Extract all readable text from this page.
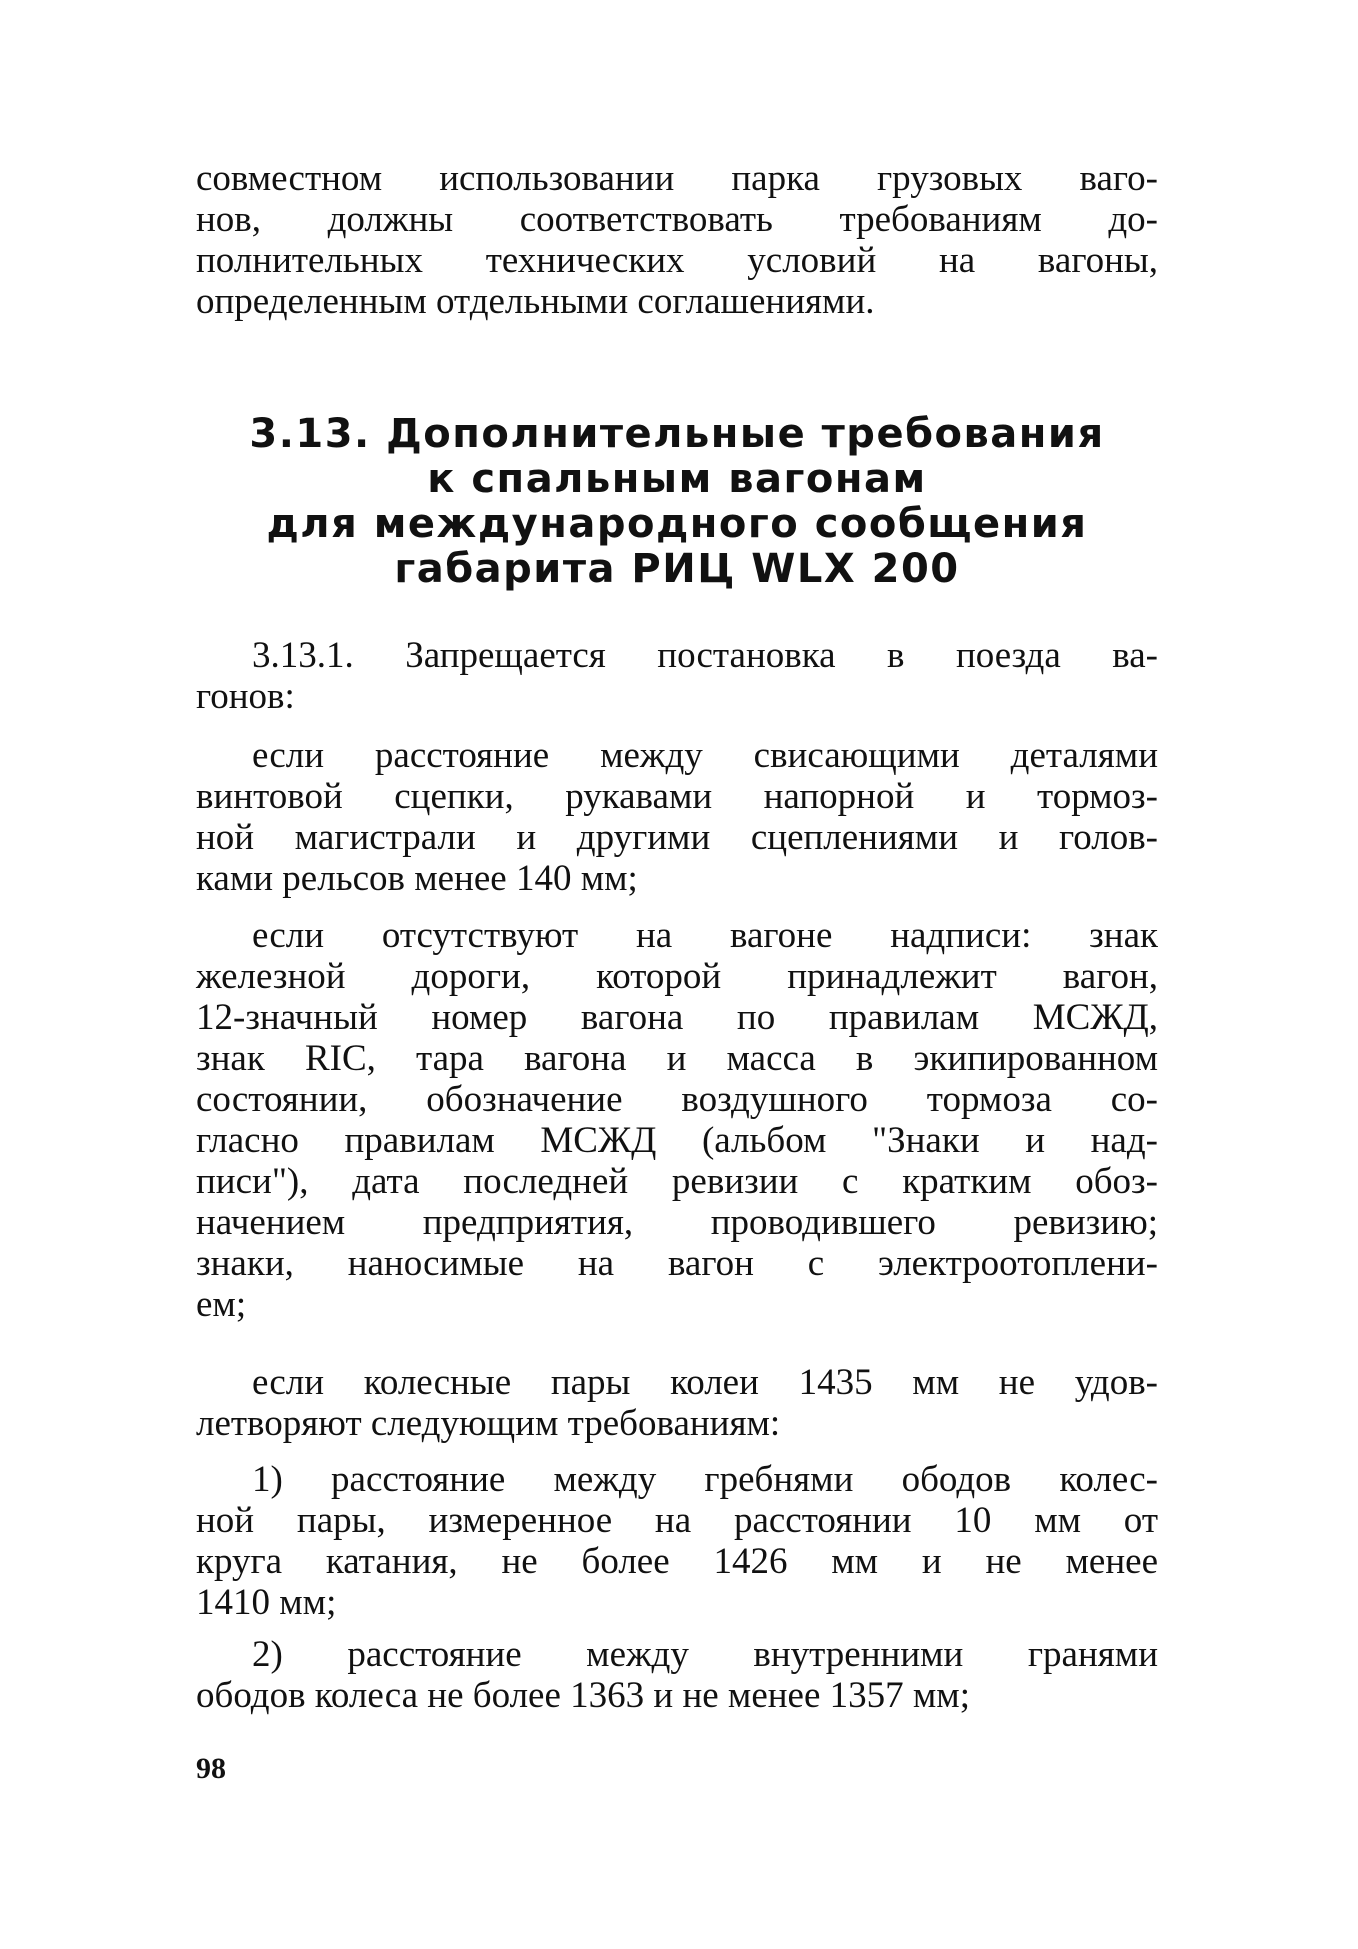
совместном использовании парка грузовых ваго-
нов, должны соответствовать требованиям до-
полнительных технических условий на вагоны,
определенным отдельными соглашениями.
3.13. Дополнительные требования
к спальным вагонам
для международного сообщения
габарита РИЦ WLX 200
3.13.1. Запрещается постановка в поезда ва-
гонов:
если расстояние между свисающими деталями
винтовой сцепки, рукавами напорной и тормоз-
ной магистрали и другими сцеплениями и голов-
ками рельсов менее 140 мм;
если отсутствуют на вагоне надписи: знак
железной дороги, которой принадлежит вагон,
12-значный номер вагона по правилам МСЖД,
знак RIC, тара вагона и масса в экипированном
состоянии, обозначение воздушного тормоза со-
гласно правилам МСЖД (альбом "Знаки и над-
писи"), дата последней ревизии с кратким обоз-
начением предприятия, проводившего ревизию;
знаки, наносимые на вагон с электроотоплени-
ем;
если колесные пары колеи 1435 мм не удов-
летворяют следующим требованиям:
1) расстояние между гребнями ободов колес-
ной пары, измеренное на расстоянии 10 мм от
круга катания, не более 1426 мм и не менее
1410 мм;
2) расстояние между внутренними гранями
ободов колеса не более 1363 и не менее 1357 мм;
98
